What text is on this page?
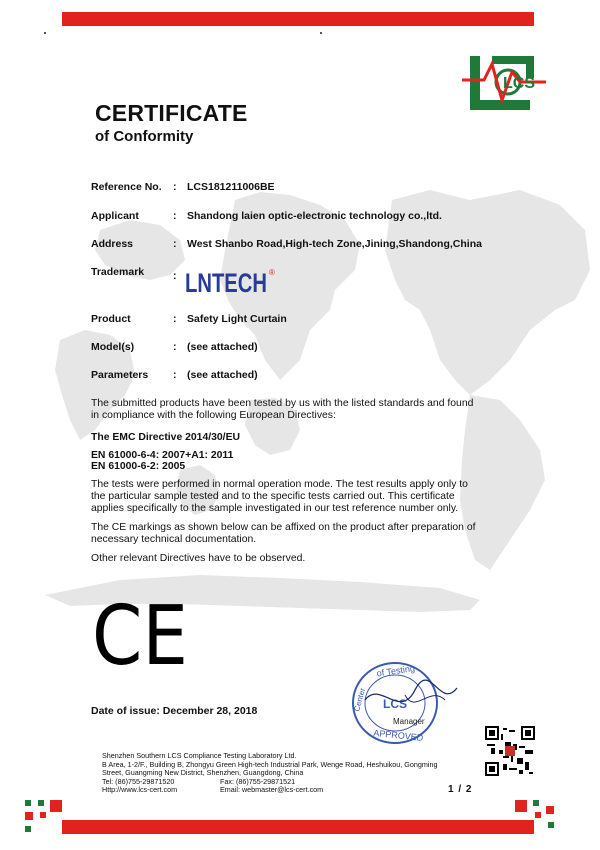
LCS
CERTIFICATE
of Conformity
Reference No. : LCS181211006BE
Applicant	: Shandong laien optic-electronic technology co.,ltd.
Address	: West Shanbo Road,High-tech Zone,Jining,Shandong,China
Trademark	: LNTECH ®
Product	: Safety Light Curtain
Model(s)	: (see attached)
Parameters : (see attached)
The submitted products have been tested by us with the listed standards and found in compliance with the following European Directives:
The EMC Directive 2014/30/EU
EN 61000-6-4: 2007+A1: 2011
EN 61000-6-2: 2005
The tests were performed in normal operation mode. The test results apply only to the particular sample tested and to the specific tests carried out. This certificate applies specifically to the sample investigated in our test reference number only.
The CE markings as shown below can be affixed on the product after preparation of necessary technical documentation.
Other relevant Directives have to be observed.
CE
Date of issue: December 28, 2018
of Testing
Center LCS
APPROVED
Manager
Shenzhen Southern LCS Compliance Testing Laboratory Ltd.
B Area, 1-2/F., Building B, Zhongyu Green High-tech Industrial Park, Wenge Road, Heshuikou, Gongming
Street, Guangming New District, Shenzhen, Guangdong, China
Tel: (86)755-29871520	Fax: (86)755-29871521
Http://www.lcs-cert.com	Email: webmaster@lcs-cert.com	1 / 2
